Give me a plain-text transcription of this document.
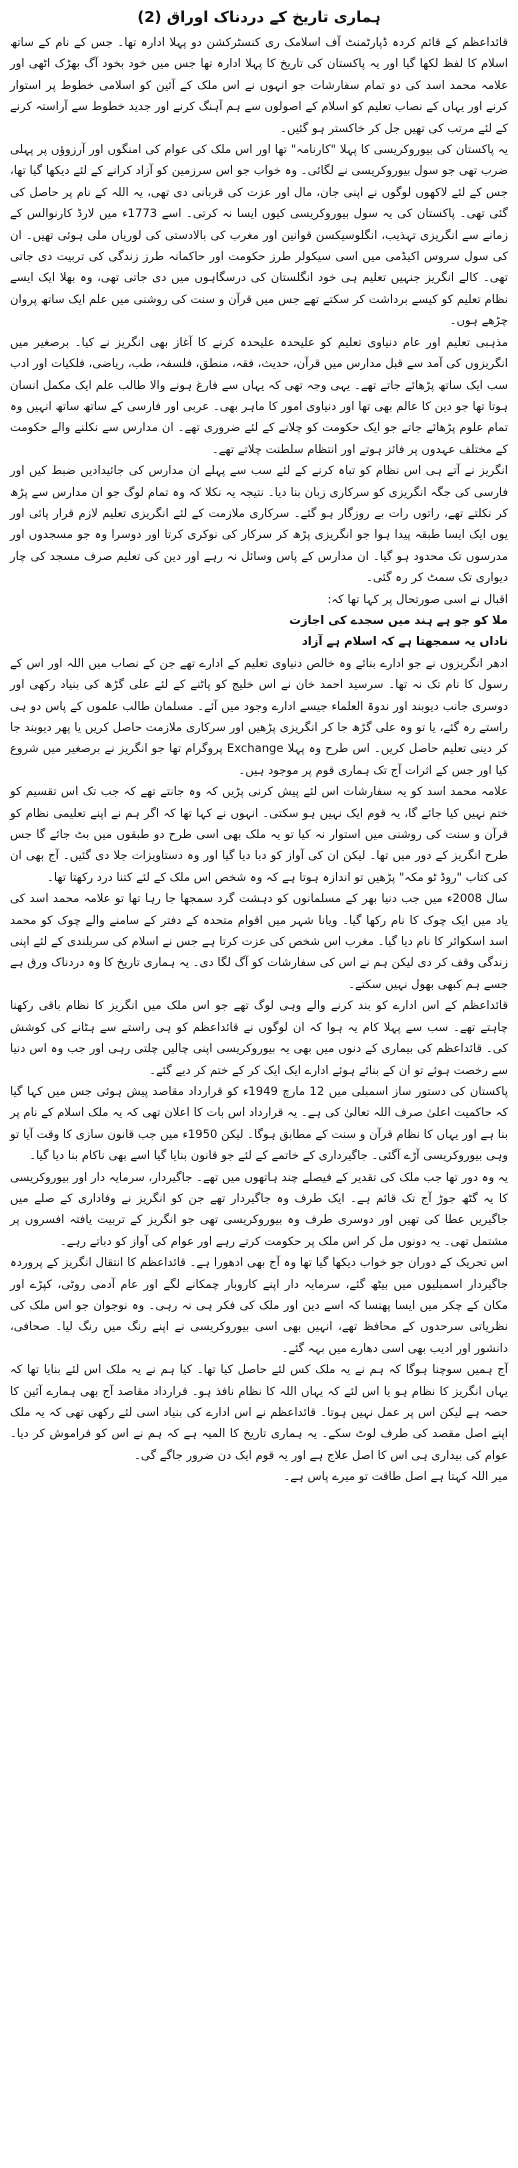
ہماری تاریخ کے دردناک اوراق (2)

قائداعظم کے قائم کردہ ڈپارٹمنٹ آف اسلامک ری کنسٹرکشن دو پہلا ادارہ تھا۔ جس کے نام کے ساتھ اسلام کا لفظ لکھا گیا اور یہ پاکستان کی تاریخ کا پہلا ادارہ تھا جس میں خود بخود آگ بھڑک اٹھی اور علامہ محمد اسد کی دو تمام سفارشات جو انہوں نے اس ملک کے آئین کو اسلامی خطوط پر استوار کرنے اور یہاں کے نصاب تعلیم کو اسلام کے اصولوں سے ہم آہنگ کرنے اور جدید خطوط سے آراستہ کرنے کے لئے مرتب کی تھیں جل کر خاکستر ہو گئیں۔

یہ پاکستان کی بیوروکریسی کا پہلا "کارنامہ" تھا اور اس ملک کی عوام کی امنگوں اور آرزوؤں پر پہلی ضرب تھی جو سول بیوروکریسی نے لگائی۔ وہ خواب جو اس سرزمین کو آزاد کرانے کے لئے دیکھا گیا تھا، جس کے لئے لاکھوں لوگوں نے اپنی جان، مال اور عزت کی قربانی دی تھی، یہ اللہ کے نام پر حاصل کی گئی تھی۔ پاکستان کی یہ سول بیوروکریسی کیوں ایسا نہ کرتی۔ اسے 1773ء میں لارڈ کارنوالس کے زمانے سے انگریزی تہذیب، انگلوسیکسن قوانین اور مغرب کی بالادستی کی لوریاں ملی ہوئی تھیں۔ ان کی سول سروس اکیڈمی میں اسی سیکولر طرز حکومت اور حاکمانہ طرز زندگی کی تربیت دی جاتی تھی۔ کالے انگریز جنہیں تعلیم ہی خود انگلستان کی درسگاہوں میں دی جاتی تھی، وہ بھلا ایک ایسے نظام تعلیم کو کیسے برداشت کر سکتے تھے جس میں قرآن و سنت کی روشنی میں علم ایک ساتھ پروان چڑھے ہوں۔

مذہبی تعلیم اور عام دنیاوی تعلیم کو علیحدہ علیحدہ کرنے کا آغاز بھی انگریز نے کیا۔ برصغیر میں انگریزوں کی آمد سے قبل مدارس میں قرآن، حدیث، فقہ، منطق، فلسفہ، طب، ریاضی، فلکیات اور ادب سب ایک ساتھ پڑھائے جاتے تھے۔ یہی وجہ تھی کہ یہاں سے فارغ ہونے والا طالب علم ایک مکمل انسان ہوتا تھا جو دین کا عالم بھی تھا اور دنیاوی امور کا ماہر بھی۔ عربی اور فارسی کے ساتھ ساتھ انہیں وہ تمام علوم پڑھائے جاتے جو ایک حکومت کو چلانے کے لئے ضروری تھے۔ ان مدارس سے نکلنے والے حکومت کے مختلف عہدوں پر فائز ہوتے اور انتظام سلطنت چلاتے تھے۔

انگریز نے آتے ہی اس نظام کو تباہ کرنے کے لئے سب سے پہلے ان مدارس کی جائیدادیں ضبط کیں اور فارسی کی جگہ انگریزی کو سرکاری زبان بنا دیا۔ نتیجہ یہ نکلا کہ وہ تمام لوگ جو ان مدارس سے پڑھ کر نکلتے تھے، راتوں رات بے روزگار ہو گئے۔ سرکاری ملازمت کے لئے انگریزی تعلیم لازم قرار پائی اور یوں ایک ایسا طبقہ پیدا ہوا جو انگریزی پڑھ کر سرکار کی نوکری کرتا اور دوسرا وہ جو مسجدوں اور مدرسوں تک محدود ہو گیا۔ ان مدارس کے پاس وسائل نہ رہے اور دین کی تعلیم صرف مسجد کی چار دیواری تک سمٹ کر رہ گئی۔

اقبال نے اسی صورتحال پر کہا تھا کہ:

ملا کو جو ہے ہند میں سجدے کی اجازت

ناداں یہ سمجھتا ہے کہ اسلام ہے آزاد

ادھر انگریزوں نے جو ادارے بنائے وہ خالص دنیاوی تعلیم کے ادارے تھے جن کے نصاب میں اللہ اور اس کے رسول کا نام تک نہ تھا۔ سرسید احمد خان نے اس خلیج کو پاٹنے کے لئے علی گڑھ کی بنیاد رکھی اور دوسری جانب دیوبند اور ندوۃ العلماء جیسے ادارے وجود میں آئے۔ مسلمان طالب علموں کے پاس دو ہی راستے رہ گئے، یا تو وہ علی گڑھ جا کر انگریزی پڑھیں اور سرکاری ملازمت حاصل کریں یا پھر دیوبند جا کر دینی تعلیم حاصل کریں۔ اس طرح وہ پہلا Exchange پروگرام تھا جو انگریز نے برصغیر میں شروع کیا اور جس کے اثرات آج تک ہماری قوم پر موجود ہیں۔

علامہ محمد اسد کو یہ سفارشات اس لئے پیش کرنی پڑیں کہ وہ جانتے تھے کہ جب تک اس تقسیم کو ختم نہیں کیا جائے گا، یہ قوم ایک نہیں ہو سکتی۔ انہوں نے کہا تھا کہ اگر ہم نے اپنے تعلیمی نظام کو قرآن و سنت کی روشنی میں استوار نہ کیا تو یہ ملک بھی اسی طرح دو طبقوں میں بٹ جائے گا جس طرح انگریز کے دور میں تھا۔ لیکن ان کی آواز کو دبا دیا گیا اور وہ دستاویزات جلا دی گئیں۔ آج بھی ان کی کتاب "روڈ ٹو مکہ" پڑھیں تو اندازہ ہوتا ہے کہ وہ شخص اس ملک کے لئے کتنا درد رکھتا تھا۔

سال 2008ء میں جب دنیا بھر کے مسلمانوں کو دہشت گرد سمجھا جا رہا تھا تو علامہ محمد اسد کی یاد میں ایک چوک کا نام رکھا گیا۔ ویانا شہر میں اقوام متحدہ کے دفتر کے سامنے والے چوک کو محمد اسد اسکوائر کا نام دیا گیا۔ مغرب اس شخص کی عزت کرتا ہے جس نے اسلام کی سربلندی کے لئے اپنی زندگی وقف کر دی لیکن ہم نے اس کی سفارشات کو آگ لگا دی۔ یہ ہماری تاریخ کا وہ دردناک ورق ہے جسے ہم کبھی بھول نہیں سکتے۔

قائداعظم کے اس ادارے کو بند کرنے والے وہی لوگ تھے جو اس ملک میں انگریز کا نظام باقی رکھنا چاہتے تھے۔ سب سے پہلا کام یہ ہوا کہ ان لوگوں نے قائداعظم کو ہی راستے سے ہٹانے کی کوشش کی۔ قائداعظم کی بیماری کے دنوں میں بھی یہ بیوروکریسی اپنی چالیں چلتی رہی اور جب وہ اس دنیا سے رخصت ہوئے تو ان کے بنائے ہوئے ادارے ایک ایک کر کے ختم کر دیے گئے۔

پاکستان کی دستور ساز اسمبلی میں 12 مارچ 1949ء کو قرارداد مقاصد پیش ہوئی جس میں کہا گیا کہ حاکمیت اعلیٰ صرف اللہ تعالیٰ کی ہے۔ یہ قرارداد اس بات کا اعلان تھی کہ یہ ملک اسلام کے نام پر بنا ہے اور یہاں کا نظام قرآن و سنت کے مطابق ہوگا۔ لیکن 1950ء میں جب قانون سازی کا وقت آیا تو وہی بیوروکریسی آڑے آگئی۔ جاگیرداری کے خاتمے کے لئے جو قانون بنایا گیا اسے بھی ناکام بنا دیا گیا۔

یہ وہ دور تھا جب ملک کی تقدیر کے فیصلے چند ہاتھوں میں تھے۔ جاگیردار، سرمایہ دار اور بیوروکریسی کا یہ گٹھ جوڑ آج تک قائم ہے۔ ایک طرف وہ جاگیردار تھے جن کو انگریز نے وفاداری کے صلے میں جاگیریں عطا کی تھیں اور دوسری طرف وہ بیوروکریسی تھی جو انگریز کے تربیت یافتہ افسروں پر مشتمل تھی۔ یہ دونوں مل کر اس ملک پر حکومت کرتے رہے اور عوام کی آواز کو دباتے رہے۔

اس تحریک کے دوران جو خواب دیکھا گیا تھا وہ آج بھی ادھورا ہے۔ قائداعظم کا انتقال انگریز کے پروردہ جاگیردار اسمبلیوں میں بیٹھ گئے، سرمایہ دار اپنے کاروبار چمکانے لگے اور عام آدمی روٹی، کپڑے اور مکان کے چکر میں ایسا پھنسا کہ اسے دین اور ملک کی فکر ہی نہ رہی۔ وہ نوجوان جو اس ملک کی نظریاتی سرحدوں کے محافظ تھے، انہیں بھی اسی بیوروکریسی نے اپنے رنگ میں رنگ لیا۔ صحافی، دانشور اور ادیب بھی اسی دھارے میں بہہ گئے۔

آج ہمیں سوچنا ہوگا کہ ہم نے یہ ملک کس لئے حاصل کیا تھا۔ کیا ہم نے یہ ملک اس لئے بنایا تھا کہ یہاں انگریز کا نظام ہو یا اس لئے کہ یہاں اللہ کا نظام نافذ ہو۔ قرارداد مقاصد آج بھی ہمارے آئین کا حصہ ہے لیکن اس پر عمل نہیں ہوتا۔ قائداعظم نے اس ادارے کی بنیاد اسی لئے رکھی تھی کہ یہ ملک اپنے اصل مقصد کی طرف لوٹ سکے۔ یہ ہماری تاریخ کا المیہ ہے کہ ہم نے اس کو فراموش کر دیا۔ عوام کی بیداری ہی اس کا اصل علاج ہے اور یہ قوم ایک دن ضرور جاگے گی۔

میر اللہ کہتا ہے اصل طاقت تو میرے پاس ہے۔
